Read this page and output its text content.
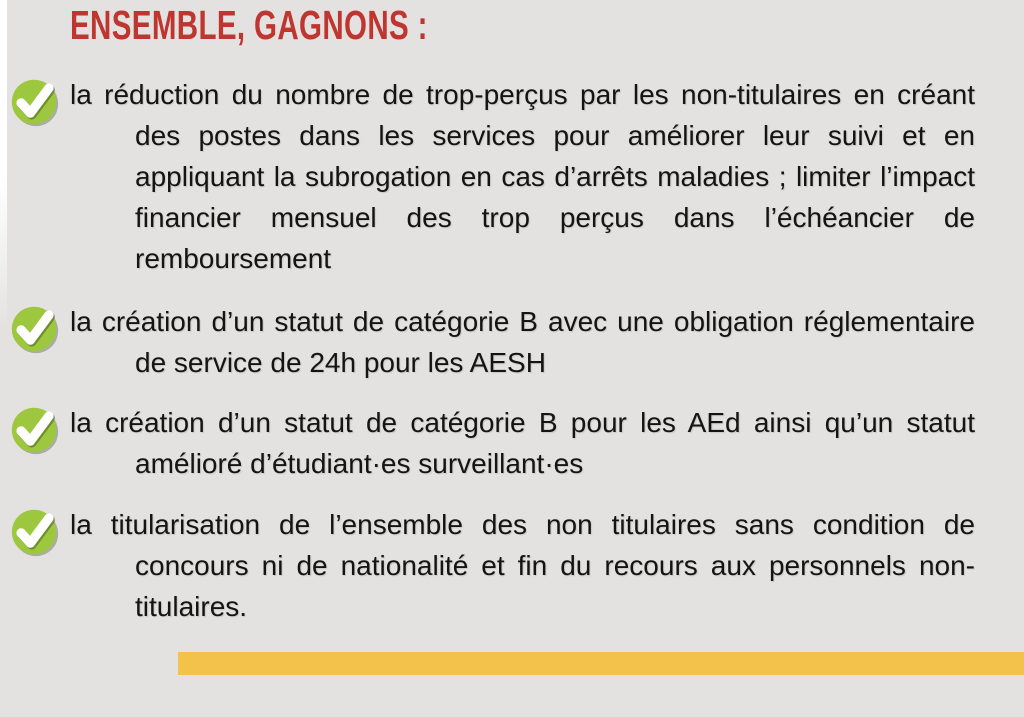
ENSEMBLE, GAGNONS :

la réduction du nombre de trop-perçus par les non-titulaires en créant des postes dans les services pour améliorer leur suivi et en appliquant la subrogation en cas d’arrêts maladies ; limiter l’impact financier mensuel des trop perçus dans l’échéancier de remboursement

la création d’un statut de catégorie B avec une obligation réglementaire de service de 24h pour les AESH

la création d’un statut de catégorie B pour les AEd ainsi qu’un statut amélioré d’étudiant·es surveillant·es

la titularisation de l’ensemble des non titulaires sans condition de concours ni de nationalité et fin du recours aux personnels non-titulaires.
